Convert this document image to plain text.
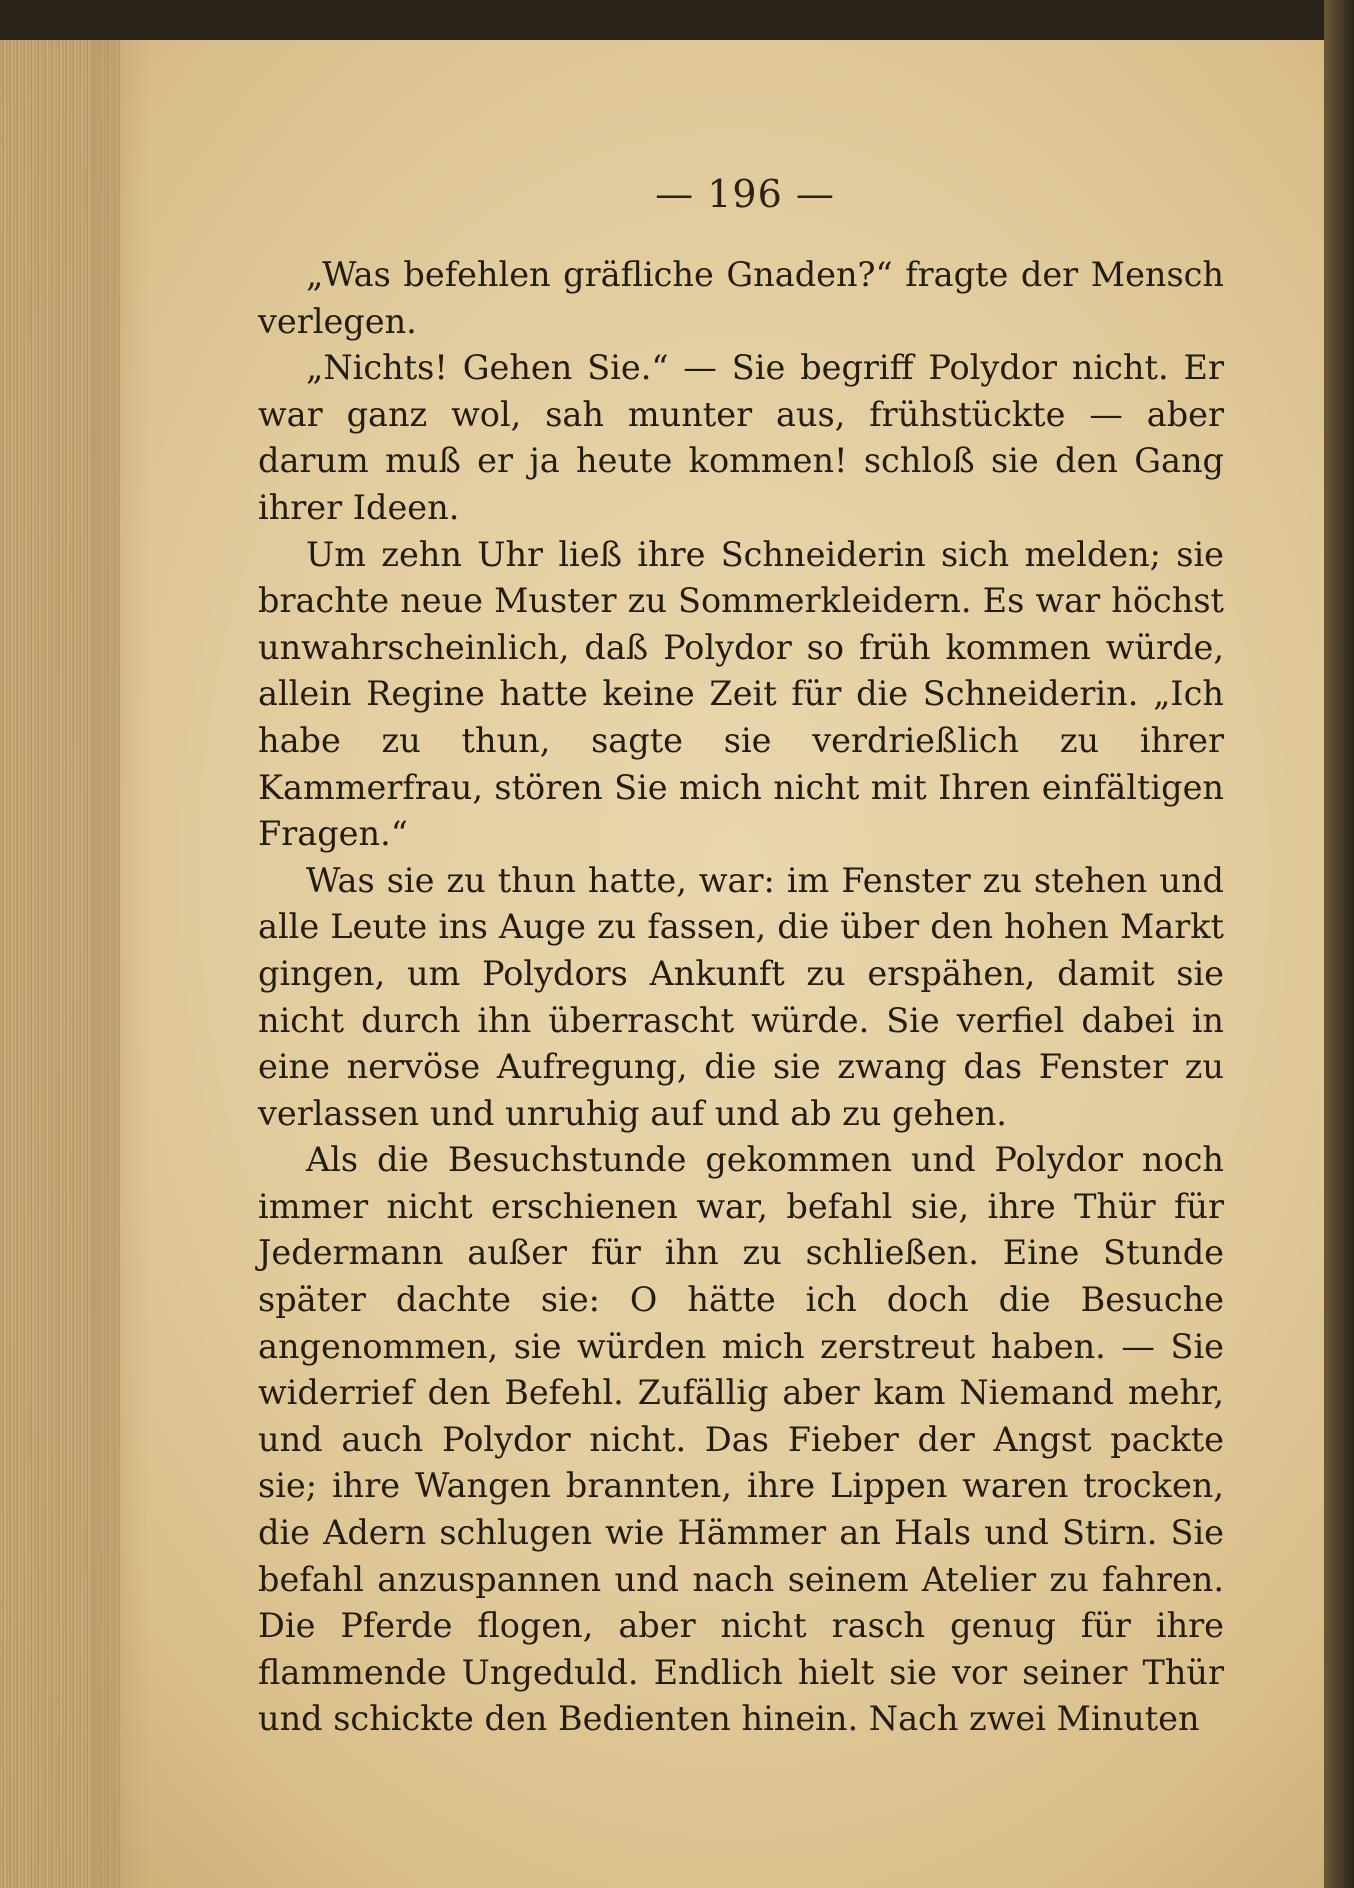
— 196 —

„Was befehlen gräfliche Gnaden?“ fragte der Mensch verlegen.

„Nichts! Gehen Sie.“ — Sie begriff Polydor nicht. Er war ganz wol, sah munter aus, frühstückte — aber darum muß er ja heute kommen! schloß sie den Gang ihrer Ideen.

Um zehn Uhr ließ ihre Schneiderin sich melden; sie brachte neue Muster zu Sommerkleidern. Es war höchst unwahrscheinlich, daß Polydor so früh kommen würde, allein Regine hatte keine Zeit für die Schneiderin. „Ich habe zu thun, sagte sie verdrießlich zu ihrer Kammerfrau, stören Sie mich nicht mit Ihren einfältigen Fragen.“

Was sie zu thun hatte, war: im Fenster zu stehen und alle Leute ins Auge zu fassen, die über den hohen Markt gingen, um Polydors Ankunft zu erspähen, damit sie nicht durch ihn überrascht würde. Sie verfiel dabei in eine nervöse Aufregung, die sie zwang das Fenster zu verlassen und unruhig auf und ab zu gehen.

Als die Besuchstunde gekommen und Polydor noch immer nicht erschienen war, befahl sie, ihre Thür für Jedermann außer für ihn zu schließen. Eine Stunde später dachte sie: O hätte ich doch die Besuche angenommen, sie würden mich zerstreut haben. — Sie widerrief den Befehl. Zufällig aber kam Niemand mehr, und auch Polydor nicht. Das Fieber der Angst packte sie; ihre Wangen brannten, ihre Lippen waren trocken, die Adern schlugen wie Hämmer an Hals und Stirn. Sie befahl anzuspannen und nach seinem Atelier zu fahren. Die Pferde flogen, aber nicht rasch genug für ihre flammende Ungeduld. Endlich hielt sie vor seiner Thür und schickte den Bedienten hinein. Nach zwei Minuten
